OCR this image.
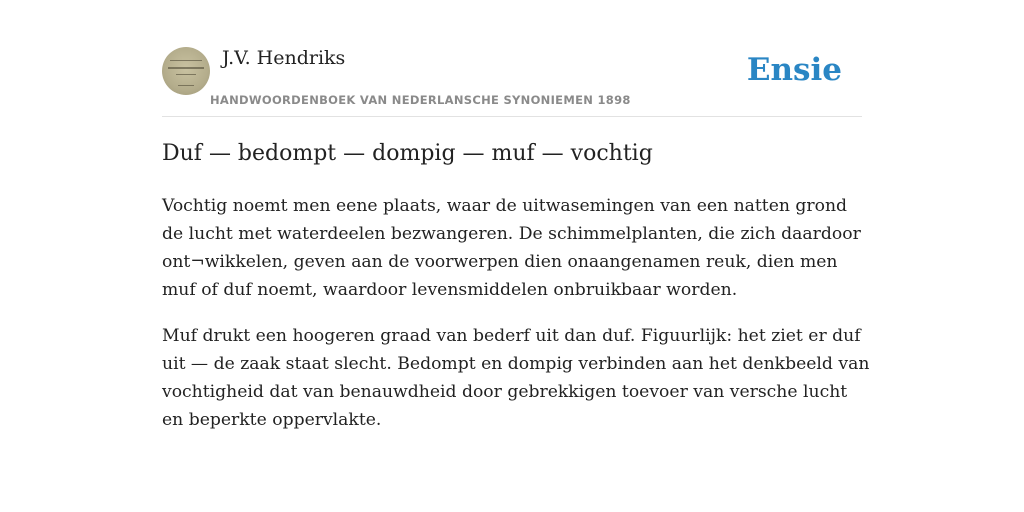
J.V. Hendriks
HANDWOORDENBOEK VAN NEDERLANSCHE SYNONIEMEN 1898
Ensie
Duf — bedompt — dompig — muf — vochtig

Vochtig noemt men eene plaats, waar de uitwasemingen van een natten grond de lucht met waterdeelen bezwangeren. De schimmelplanten, die zich daardoor ont¬wikkelen, geven aan de voorwerpen dien onaangenamen reuk, dien men muf of duf noemt, waardoor levensmiddelen onbruikbaar worden.

Muf drukt een hoogeren graad van bederf uit dan duf. Figuurlijk: het ziet er duf uit — de zaak staat slecht. Bedompt en dompig verbinden aan het denkbeeld van vochtigheid dat van benauwdheid door gebrekkigen toevoer van versche lucht en beperkte oppervlakte.
